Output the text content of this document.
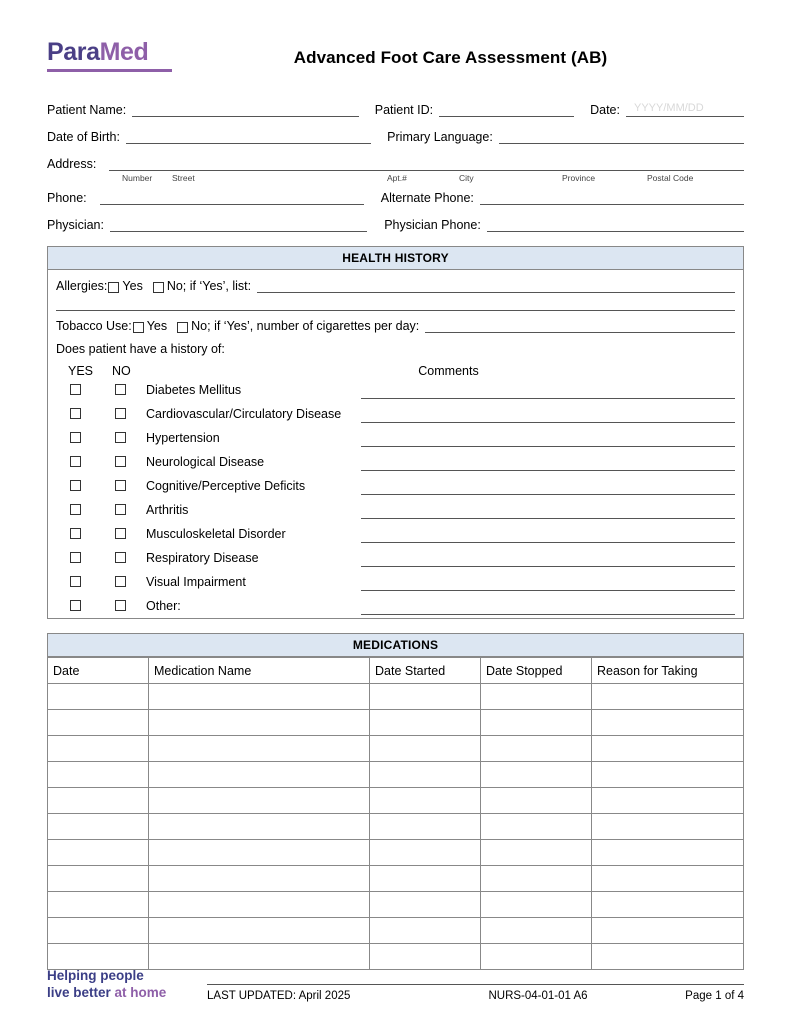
ParaMed	Advanced Foot Care Assessment (AB)
Patient Name:	Patient ID:	Date:	YYYY/MM/DD
Date of Birth:	Primary Language:
Address:
Number Street	Apt.#	City	Province	Postal Code
Phone:	Alternate Phone:
Physician:	Physician Phone:
HEALTH HISTORY
Allergies: Yes No; if ‘Yes’, list:
Tobacco Use: Yes No; if ‘Yes’, number of cigarettes per day:
Does patient have a history of:
YES	NO	Comments
Diabetes Mellitus
Cardiovascular/Circulatory Disease
Hypertension
Neurological Disease
Cognitive/Perceptive Deficits
Arthritis
Musculoskeletal Disorder
Respiratory Disease
Visual Impairment
Other:
MEDICATIONS
Date	Medication Name	Date Started	Date Stopped	Reason for Taking

Helping people
live better at home	LAST UPDATED: April 2025	NURS-04-01-01 A6	Page 1 of 4
